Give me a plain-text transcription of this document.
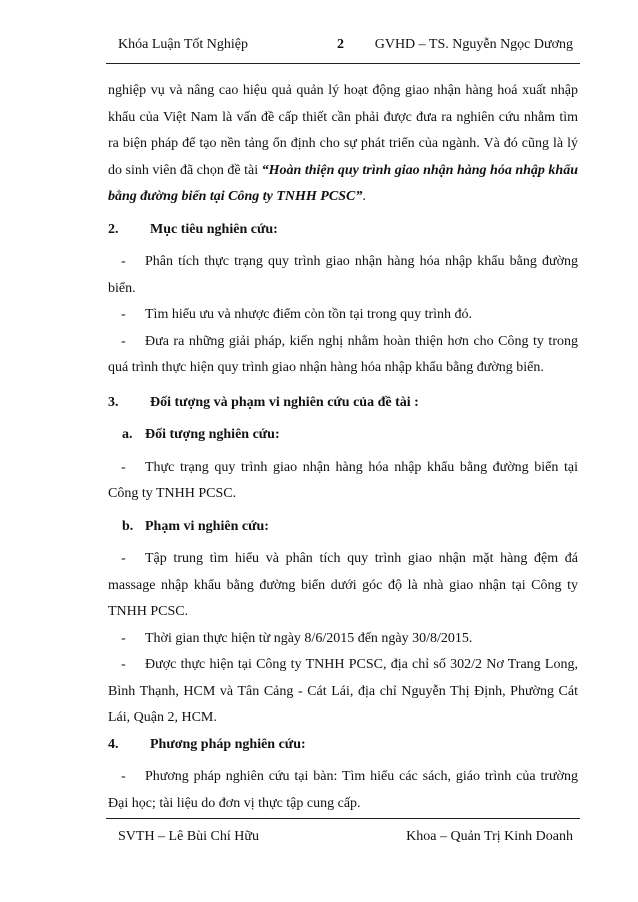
Khóa Luận Tốt Nghiệp	2 GVHD – TS. Nguyễn Ngọc Dương

nghiệp vụ và nâng cao hiệu quả quản lý hoạt động giao nhận hàng hoá xuất nhập khẩu của Việt Nam là vấn đề cấp thiết cần phải được đưa ra nghiên cứu nhằm tìm ra biện pháp để tạo nền tảng ổn định cho sự phát triển của ngành. Và đó cũng là lý do sinh viên đã chọn đề tài “Hoàn thiện quy trình giao nhận hàng hóa nhập khẩu bằng đường biển tại Công ty TNHH PCSC”.

2.	Mục tiêu nghiên cứu:

- Phân tích thực trạng quy trình giao nhận hàng hóa nhập khẩu bằng đường biển.

- Tìm hiểu ưu và nhược điểm còn tồn tại trong quy trình đó.

- Đưa ra những giải pháp, kiến nghị nhằm hoàn thiện hơn cho Công ty trong quá trình thực hiện quy trình giao nhận hàng hóa nhập khẩu bằng đường biển.

3.	Đối tượng và phạm vi nghiên cứu của đề tài :
a. Đối tượng nghiên cứu:

- Thực trạng quy trình giao nhận hàng hóa nhập khẩu bằng đường biển tại Công ty TNHH PCSC.

b. Phạm vi nghiên cứu:

- Tập trung tìm hiểu và phân tích quy trình giao nhận mặt hàng đệm đá massage nhập khẩu bằng đường biển dưới góc độ là nhà giao nhận tại Công ty TNHH PCSC.

- Thời gian thực hiện từ ngày 8/6/2015 đến ngày 30/8/2015.

- Được thực hiện tại Công ty TNHH PCSC, địa chỉ số 302/2 Nơ Trang Long, Bình Thạnh, HCM và Tân Cảng - Cát Lái, địa chỉ Nguyễn Thị Định, Phường Cát Lái, Quận 2, HCM.

4.	Phương pháp nghiên cứu:

- Phương pháp nghiên cứu tại bàn: Tìm hiểu các sách, giáo trình của trường Đại học; tài liệu do đơn vị thực tập cung cấp.

SVTH – Lê Bùi Chí Hữu	Khoa – Quản Trị Kinh Doanh
